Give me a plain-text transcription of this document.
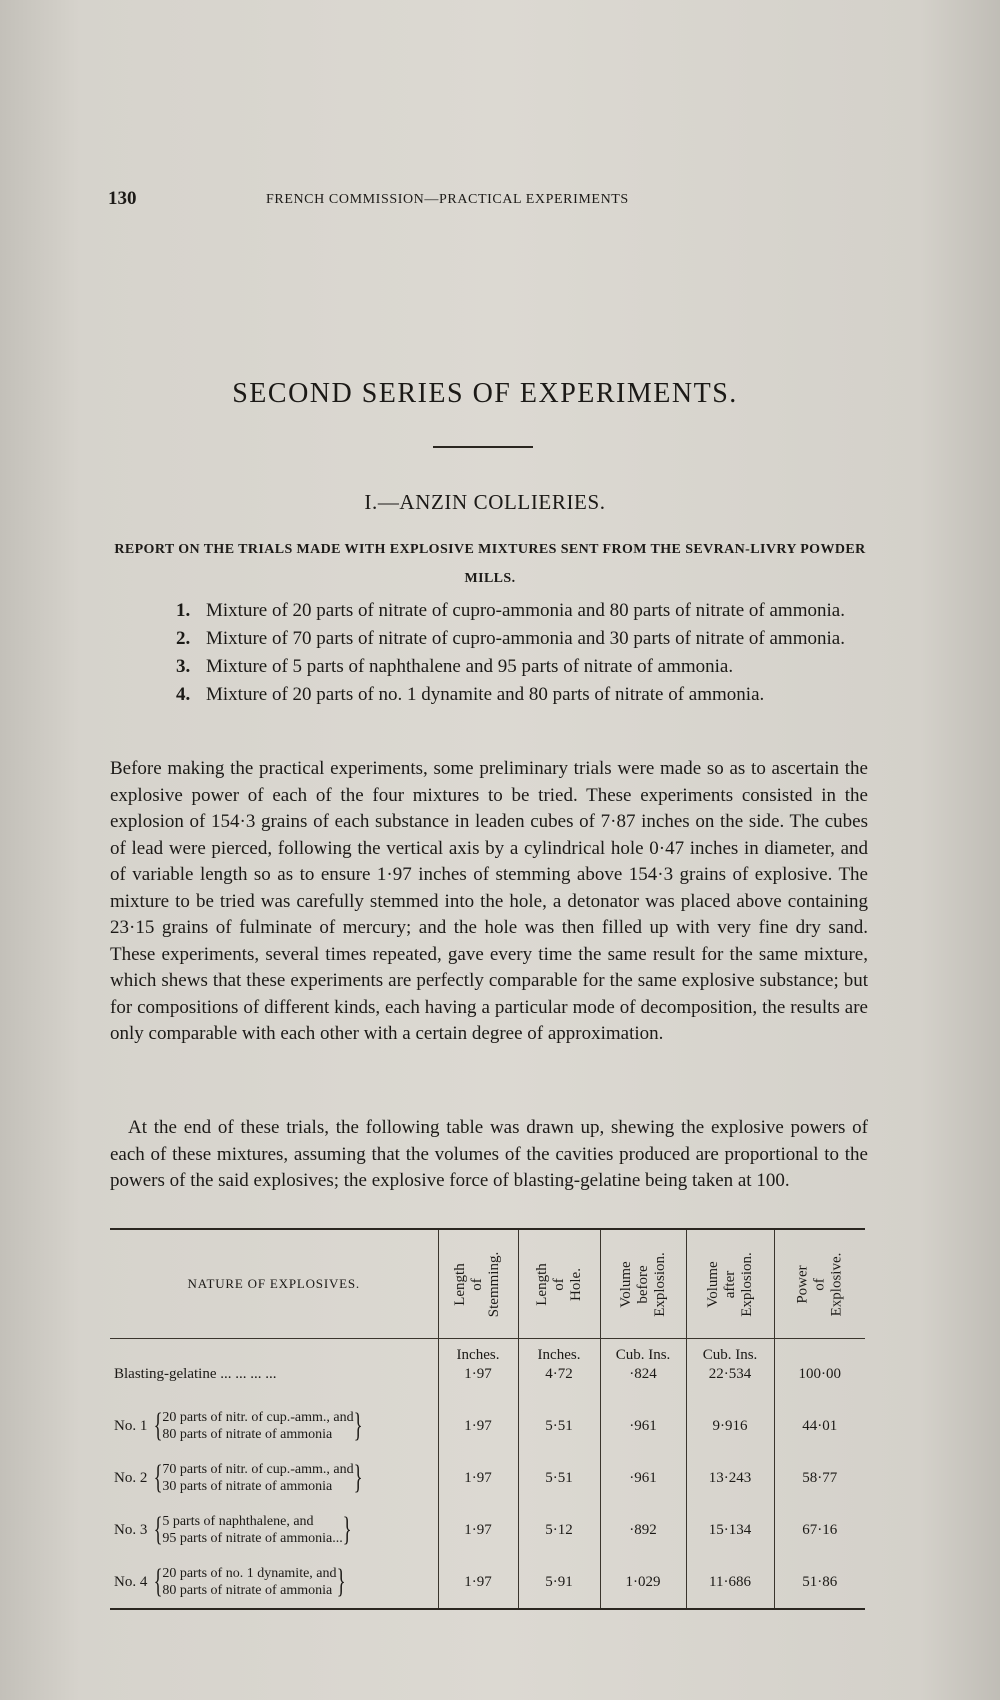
130	FRENCH COMMISSION—PRACTICAL EXPERIMENTS
SECOND SERIES OF EXPERIMENTS.
I.—ANZIN COLLIERIES.
REPORT ON THE TRIALS MADE WITH EXPLOSIVE MIXTURES SENT FROM THE SEVRAN-LIVRY POWDER MILLS.
1. Mixture of 20 parts of nitrate of cupro-ammonia and 80 parts of nitrate of ammonia.
2. Mixture of 70 parts of nitrate of cupro-ammonia and 30 parts of nitrate of ammonia.
3. Mixture of 5 parts of naphthalene and 95 parts of nitrate of ammonia.
4. Mixture of 20 parts of no. 1 dynamite and 80 parts of nitrate of ammonia.

Before making the practical experiments, some preliminary trials were made so as to ascertain the explosive power of each of the four mixtures to be tried. These experiments consisted in the explosion of 154·3 grains of each substance in leaden cubes of 7·87 inches on the side. The cubes of lead were pierced, following the vertical axis by a cylindrical hole 0·47 inches in diameter, and of variable length so as to ensure 1·97 inches of stemming above 154·3 grains of explosive. The mixture to be tried was carefully stemmed into the hole, a detonator was placed above containing 23·15 grains of fulminate of mercury; and the hole was then filled up with very fine dry sand. These experiments, several times repeated, gave every time the same result for the same mixture, which shews that these experiments are perfectly comparable for the same explosive substance; but for compositions of different kinds, each having a particular mode of decomposition, the results are only comparable with each other with a certain degree of approximation.

At the end of these trials, the following table was drawn up, shewing the explosive powers of each of these mixtures, assuming that the volumes of the cavities produced are proportional to the powers of the said explosives; the explosive force of blasting-gelatine being taken at 100.

NATURE OF EXPLOSIVES.	Length
of
Stemming.	Length
of
Hole.	Volume
before
Explosion.	Volume
after
Explosion.	Power
of
Explosive.
	Inches.	Inches.	Cub. Ins.	Cub. Ins.	
Blasting-gelatine ... ... ... ...	1·97	4·72	·824	22·534	100·00
No. 1 {20 parts of nitr. of cup.-amm., and
80 parts of nitrate of ammonia }	1·97	5·51	·961	9·916	44·01
No. 2 {70 parts of nitr. of cup.-amm., and
30 parts of nitrate of ammonia }	1·97	5·51	·961	13·243	58·77
No. 3 {5 parts of naphthalene, and
95 parts of nitrate of ammonia...}	1·97	5·12	·892	15·134	67·16
No. 4 {20 parts of no. 1 dynamite, and
80 parts of nitrate of ammonia }	1·97	5·91	1·029	11·686	51·86
